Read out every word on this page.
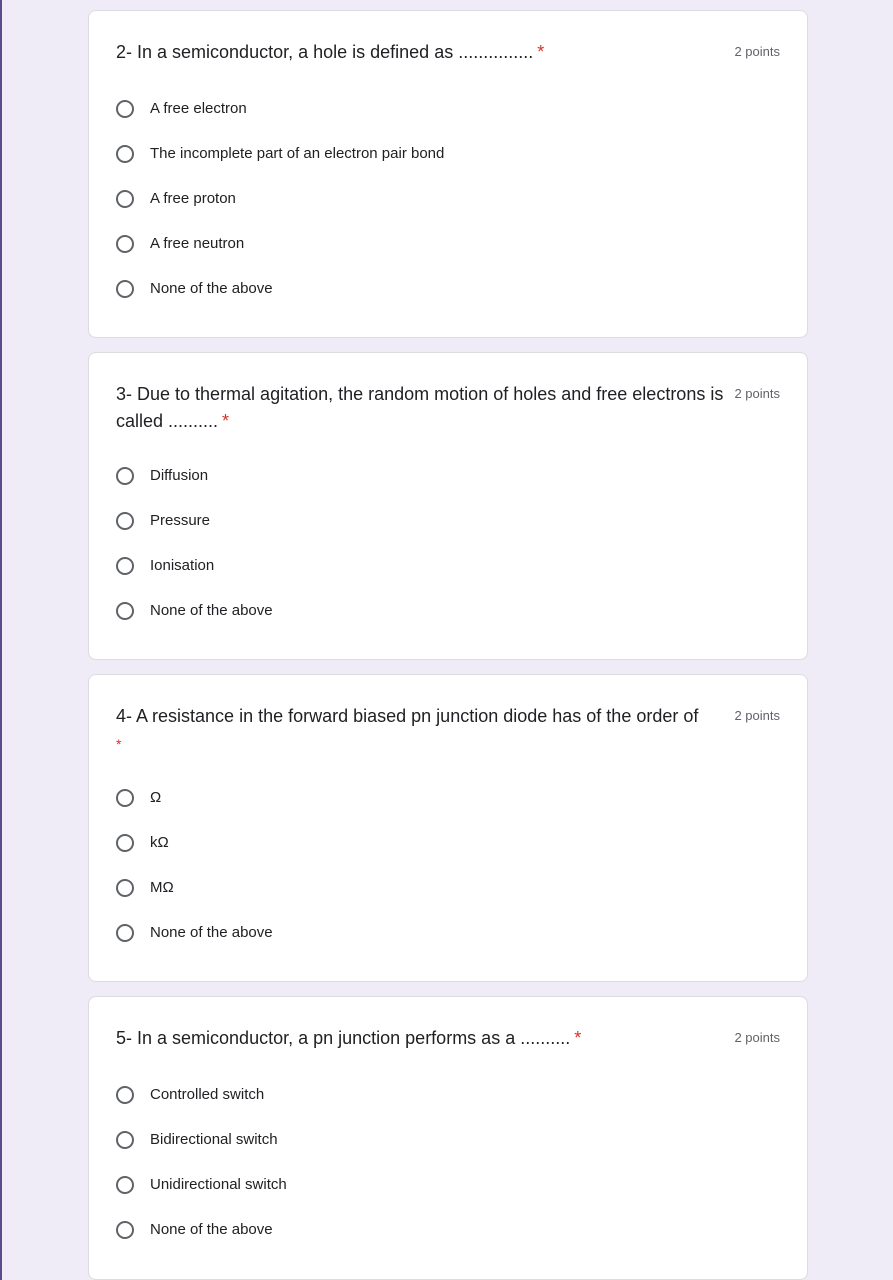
2- In a semiconductor, a hole is defined as ............... *	2 points
A free electron
The incomplete part of an electron pair bond
A free proton
A free neutron
None of the above
3- Due to thermal agitation, the random motion of holes and free electrons is called .......... *
2 points
Diffusion
Pressure
Ionisation
None of the above
4- A resistance in the forward biased pn junction diode has of the order of
*
2 points
Ω
kΩ
MΩ
None of the above
5- In a semiconductor, a pn junction performs as a .......... *	2 points
Controlled switch
Bidirectional switch
Unidirectional switch
None of the above
